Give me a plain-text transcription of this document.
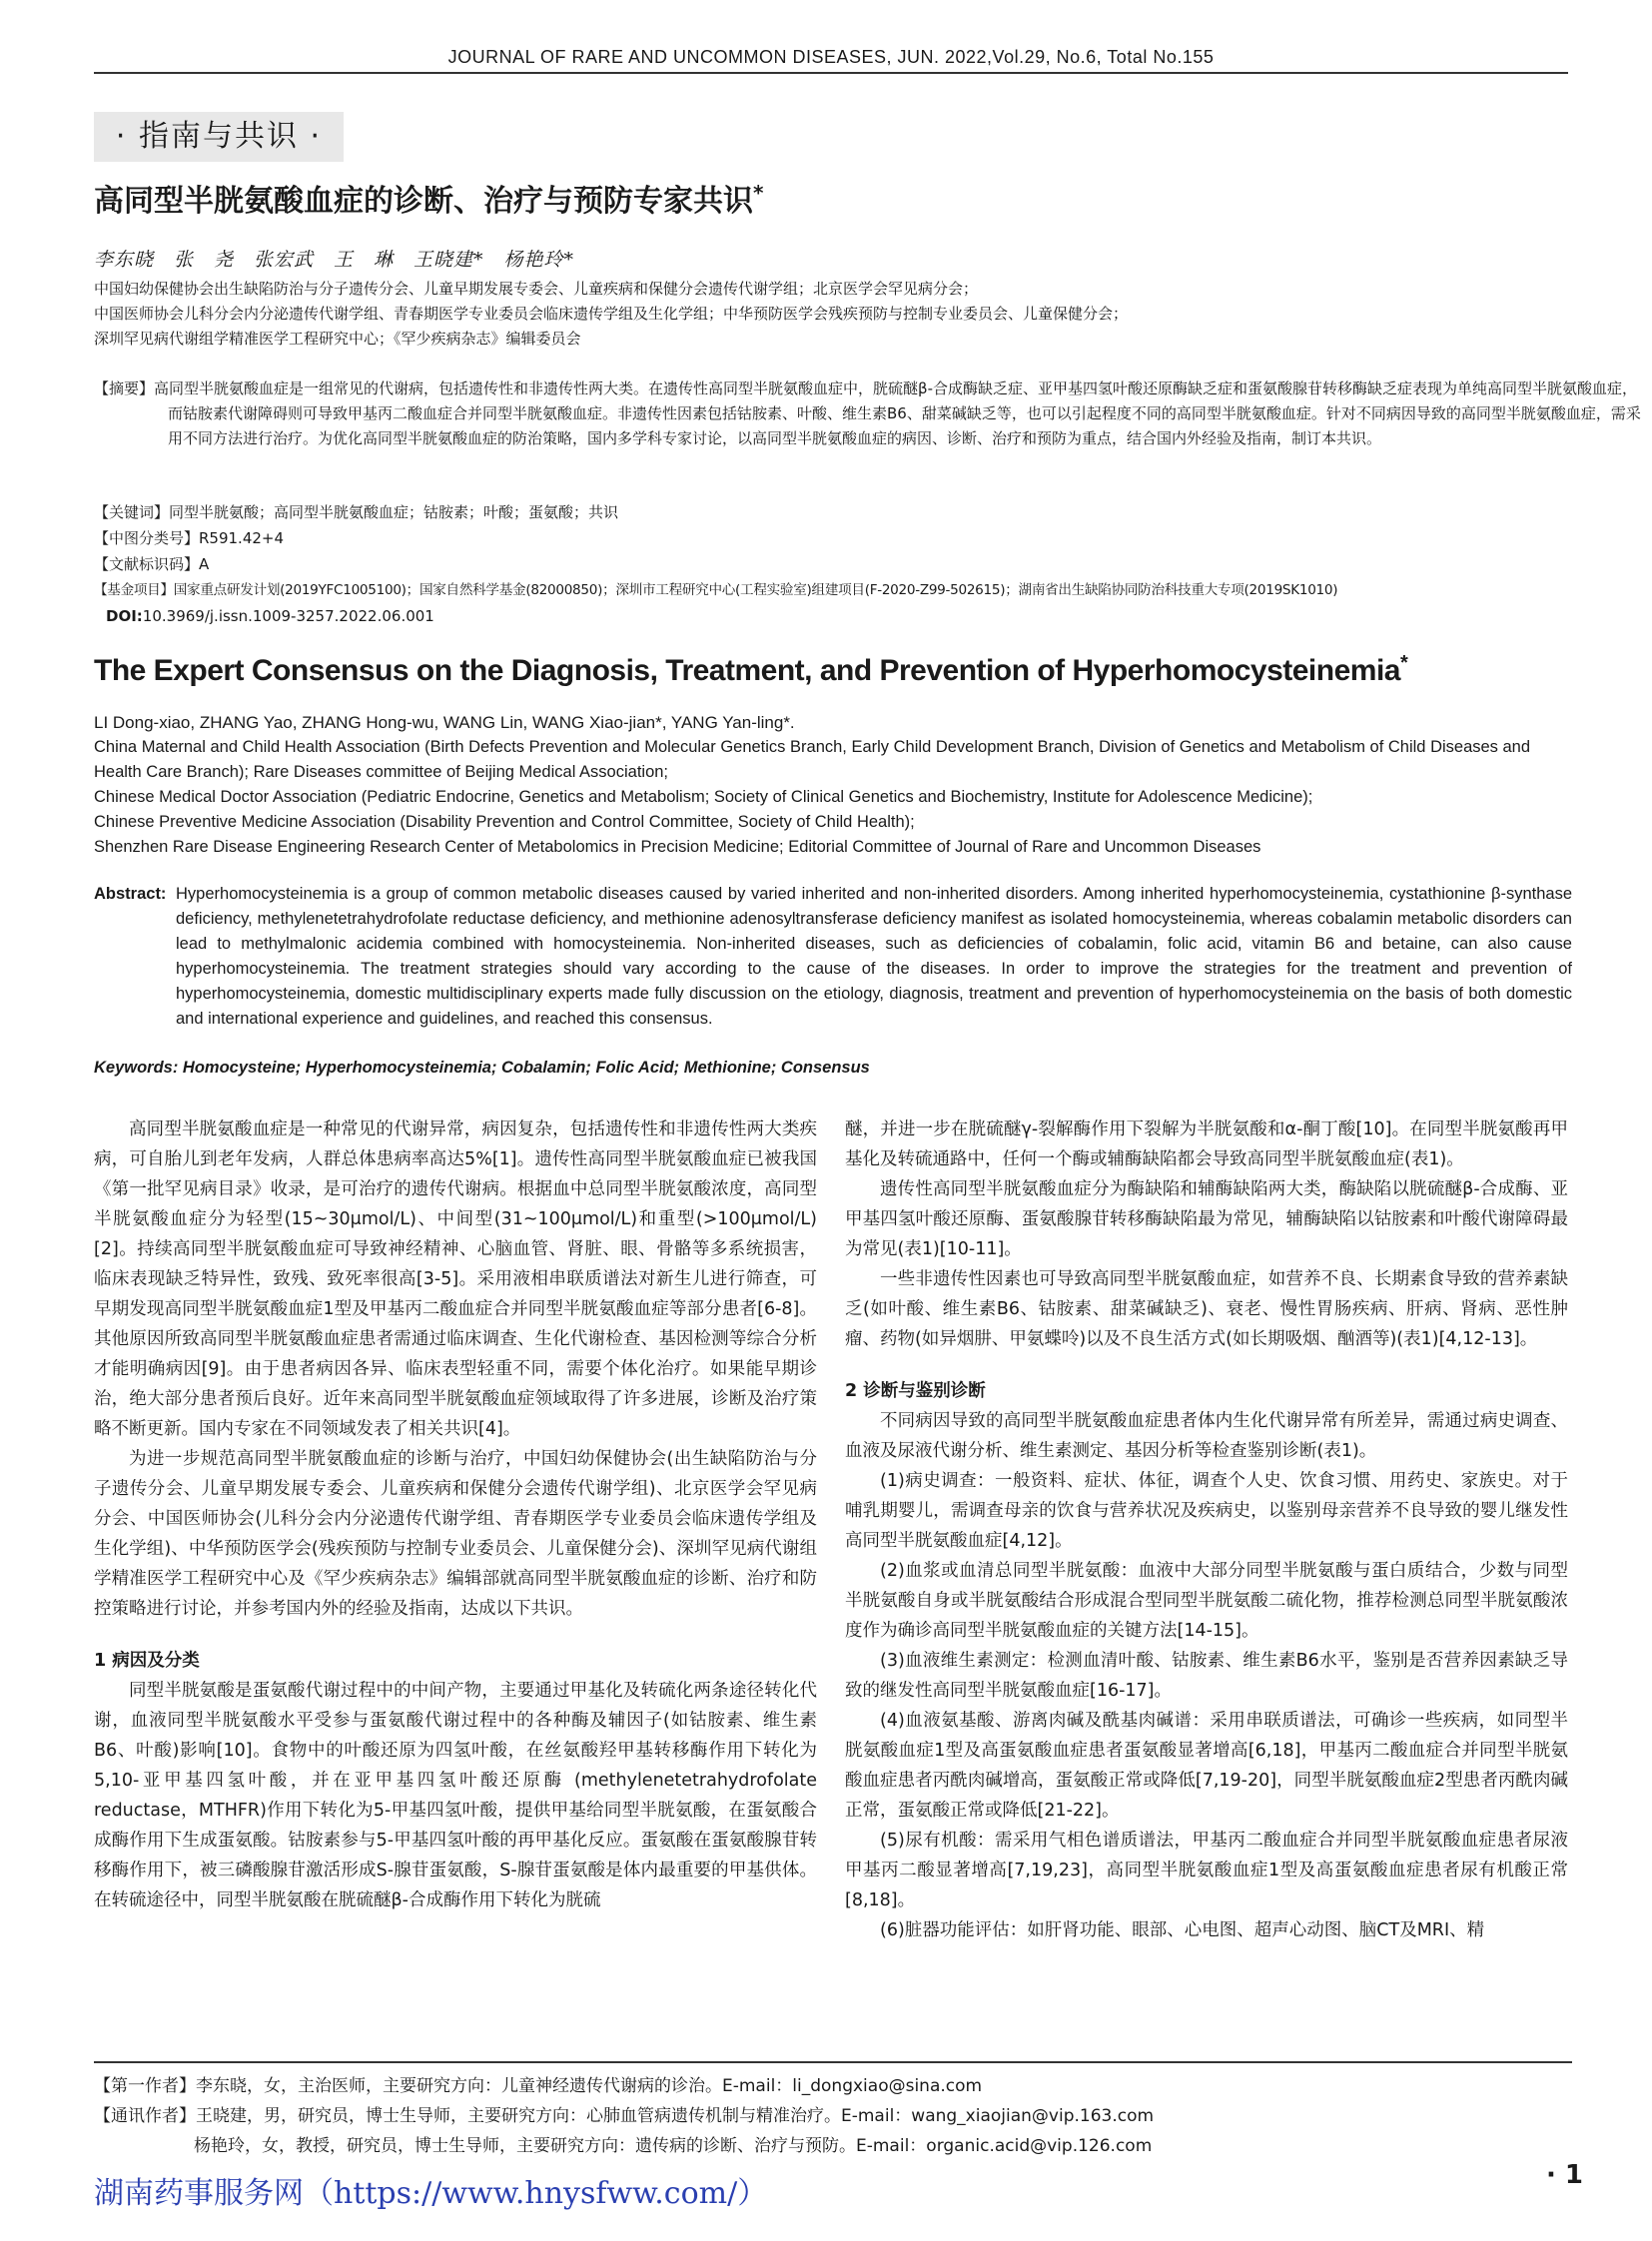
JOURNAL OF RARE AND UNCOMMON DISEASES, JUN. 2022,Vol.29, No.6, Total No.155
· 指南与共识 ·
高同型半胱氨酸血症的诊断、治疗与预防专家共识*
李东晓　张　尧　张宏武　王　琳　王晓建*　杨艳玲*
中国妇幼保健协会出生缺陷防治与分子遗传分会、儿童早期发展专委会、儿童疾病和保健分会遗传代谢学组；北京医学会罕见病分会；
中国医师协会儿科分会内分泌遗传代谢学组、青春期医学专业委员会临床遗传学组及生化学组；中华预防医学会残疾预防与控制专业委员会、儿童保健分会；
深圳罕见病代谢组学精准医学工程研究中心；《罕少疾病杂志》编辑委员会
【摘要】高同型半胱氨酸血症是一组常见的代谢病，包括遗传性和非遗传性两大类。在遗传性高同型半胱氨酸血症中，胱硫醚β-合成酶缺乏症、亚甲基四氢叶酸还原酶缺乏症和蛋氨酸腺苷转移酶缺乏症表现为单纯高同型半胱氨酸血症，而钴胺素代谢障碍则可导致甲基丙二酸血症合并同型半胱氨酸血症。非遗传性因素包括钴胺素、叶酸、维生素B6、甜菜碱缺乏等，也可以引起程度不同的高同型半胱氨酸血症。针对不同病因导致的高同型半胱氨酸血症，需采用不同方法进行治疗。为优化高同型半胱氨酸血症的防治策略，国内多学科专家讨论，以高同型半胱氨酸血症的病因、诊断、治疗和预防为重点，结合国内外经验及指南，制订本共识。
【关键词】同型半胱氨酸；高同型半胱氨酸血症；钴胺素；叶酸；蛋氨酸；共识
【中图分类号】R591.42+4
【文献标识码】A
【基金项目】国家重点研发计划(2019YFC1005100)；国家自然科学基金(82000850)；深圳市工程研究中心(工程实验室)组建项目(F-2020-Z99-502615)；湖南省出生缺陷协同防治科技重大专项(2019SK1010)
DOI:10.3969/j.issn.1009-3257.2022.06.001
The Expert Consensus on the Diagnosis, Treatment, and Prevention of Hyperhomocysteinemia*
LI Dong-xiao, ZHANG Yao, ZHANG Hong-wu, WANG Lin, WANG Xiao-jian*, YANG Yan-ling*.
China Maternal and Child Health Association (Birth Defects Prevention and Molecular Genetics Branch, Early Child Development Branch, Division of Genetics and Metabolism of Child Diseases and Health Care Branch); Rare Diseases committee of Beijing Medical Association;
Chinese Medical Doctor Association (Pediatric Endocrine, Genetics and Metabolism; Society of Clinical Genetics and Biochemistry, Institute for Adolescence Medicine);
Chinese Preventive Medicine Association (Disability Prevention and Control Committee, Society of Child Health);
Shenzhen Rare Disease Engineering Research Center of Metabolomics in Precision Medicine; Editorial Committee of Journal of Rare and Uncommon Diseases
Abstract: Hyperhomocysteinemia is a group of common metabolic diseases caused by varied inherited and non-inherited disorders. Among inherited hyperhomocysteinemia, cystathionine β-synthase deficiency, methylenetetrahydrofolate reductase deficiency, and methionine adenosyltransferase deficiency manifest as isolated homocysteinemia, whereas cobalamin metabolic disorders can lead to methylmalonic acidemia combined with homocysteinemia. Non-inherited diseases, such as deficiencies of cobalamin, folic acid, vitamin B6 and betaine, can also cause hyperhomocysteinemia. The treatment strategies should vary according to the cause of the diseases. In order to improve the strategies for the treatment and prevention of hyperhomocysteinemia, domestic multidisciplinary experts made fully discussion on the etiology, diagnosis, treatment and prevention of hyperhomocysteinemia on the basis of both domestic and international experience and guidelines, and reached this consensus.
Keywords: Homocysteine; Hyperhomocysteinemia; Cobalamin; Folic Acid; Methionine; Consensus

高同型半胱氨酸血症是一种常见的代谢异常，病因复杂，包括遗传性和非遗传性两大类疾病，可自胎儿到老年发病，人群总体患病率高达5%[1]。遗传性高同型半胱氨酸血症已被我国《第一批罕见病目录》收录，是可治疗的遗传代谢病。根据血中总同型半胱氨酸浓度，高同型半胱氨酸血症分为轻型(15~30μmol/L)、中间型(31~100μmol/L)和重型(>100μmol/L)[2]。持续高同型半胱氨酸血症可导致神经精神、心脑血管、肾脏、眼、骨骼等多系统损害，临床表现缺乏特异性，致残、致死率很高[3-5]。采用液相串联质谱法对新生儿进行筛查，可早期发现高同型半胱氨酸血症1型及甲基丙二酸血症合并同型半胱氨酸血症等部分患者[6-8]。其他原因所致高同型半胱氨酸血症患者需通过临床调查、生化代谢检查、基因检测等综合分析才能明确病因[9]。由于患者病因各异、临床表型轻重不同，需要个体化治疗。如果能早期诊治，绝大部分患者预后良好。近年来高同型半胱氨酸血症领域取得了许多进展，诊断及治疗策略不断更新。国内专家在不同领域发表了相关共识[4]。

为进一步规范高同型半胱氨酸血症的诊断与治疗，中国妇幼保健协会(出生缺陷防治与分子遗传分会、儿童早期发展专委会、儿童疾病和保健分会遗传代谢学组)、北京医学会罕见病分会、中国医师协会(儿科分会内分泌遗传代谢学组、青春期医学专业委员会临床遗传学组及生化学组)、中华预防医学会(残疾预防与控制专业委员会、儿童保健分会)、深圳罕见病代谢组学精准医学工程研究中心及《罕少疾病杂志》编辑部就高同型半胱氨酸血症的诊断、治疗和防控策略进行讨论，并参考国内外的经验及指南，达成以下共识。

1 病因及分类

同型半胱氨酸是蛋氨酸代谢过程中的中间产物，主要通过甲基化及转硫化两条途径转化代谢，血液同型半胱氨酸水平受参与蛋氨酸代谢过程中的各种酶及辅因子(如钴胺素、维生素B6、叶酸)影响[10]。食物中的叶酸还原为四氢叶酸，在丝氨酸羟甲基转移酶作用下转化为5,10-亚甲基四氢叶酸，并在亚甲基四氢叶酸还原酶 (methylenetetrahydrofolate reductase，MTHFR)作用下转化为5-甲基四氢叶酸，提供甲基给同型半胱氨酸，在蛋氨酸合成酶作用下生成蛋氨酸。钴胺素参与5-甲基四氢叶酸的再甲基化反应。蛋氨酸在蛋氨酸腺苷转移酶作用下，被三磷酸腺苷激活形成S-腺苷蛋氨酸，S-腺苷蛋氨酸是体内最重要的甲基供体。在转硫途径中，同型半胱氨酸在胱硫醚β-合成酶作用下转化为胱硫

醚，并进一步在胱硫醚γ-裂解酶作用下裂解为半胱氨酸和α-酮丁酸[10]。在同型半胱氨酸再甲基化及转硫通路中，任何一个酶或辅酶缺陷都会导致高同型半胱氨酸血症(表1)。

遗传性高同型半胱氨酸血症分为酶缺陷和辅酶缺陷两大类，酶缺陷以胱硫醚β-合成酶、亚甲基四氢叶酸还原酶、蛋氨酸腺苷转移酶缺陷最为常见，辅酶缺陷以钴胺素和叶酸代谢障碍最为常见(表1)[10-11]。

一些非遗传性因素也可导致高同型半胱氨酸血症，如营养不良、长期素食导致的营养素缺乏(如叶酸、维生素B6、钴胺素、甜菜碱缺乏)、衰老、慢性胃肠疾病、肝病、肾病、恶性肿瘤、药物(如异烟肼、甲氨蝶呤)以及不良生活方式(如长期吸烟、酗酒等)(表1)[4,12-13]。

2 诊断与鉴别诊断

不同病因导致的高同型半胱氨酸血症患者体内生化代谢异常有所差异，需通过病史调查、血液及尿液代谢分析、维生素测定、基因分析等检查鉴别诊断(表1)。

(1)病史调查：一般资料、症状、体征，调查个人史、饮食习惯、用药史、家族史。对于哺乳期婴儿，需调查母亲的饮食与营养状况及疾病史，以鉴别母亲营养不良导致的婴儿继发性高同型半胱氨酸血症[4,12]。

(2)血浆或血清总同型半胱氨酸：血液中大部分同型半胱氨酸与蛋白质结合，少数与同型半胱氨酸自身或半胱氨酸结合形成混合型同型半胱氨酸二硫化物，推荐检测总同型半胱氨酸浓度作为确诊高同型半胱氨酸血症的关键方法[14-15]。

(3)血液维生素测定：检测血清叶酸、钴胺素、维生素B6水平，鉴别是否营养因素缺乏导致的继发性高同型半胱氨酸血症[16-17]。

(4)血液氨基酸、游离肉碱及酰基肉碱谱：采用串联质谱法，可确诊一些疾病，如同型半胱氨酸血症1型及高蛋氨酸血症患者蛋氨酸显著增高[6,18]，甲基丙二酸血症合并同型半胱氨酸血症患者丙酰肉碱增高，蛋氨酸正常或降低[7,19-20]，同型半胱氨酸血症2型患者丙酰肉碱正常，蛋氨酸正常或降低[21-22]。

(5)尿有机酸：需采用气相色谱质谱法，甲基丙二酸血症合并同型半胱氨酸血症患者尿液甲基丙二酸显著增高[7,19,23]，高同型半胱氨酸血症1型及高蛋氨酸血症患者尿有机酸正常[8,18]。

(6)脏器功能评估：如肝肾功能、眼部、心电图、超声心动图、脑CT及MRI、精

【第一作者】李东晓，女，主治医师，主要研究方向：儿童神经遗传代谢病的诊治。E-mail：li_dongxiao@sina.com
【通讯作者】王晓建，男，研究员，博士生导师，主要研究方向：心肺血管病遗传机制与精准治疗。E-mail：wang_xiaojian@vip.163.com
杨艳玲，女，教授，研究员，博士生导师，主要研究方向：遗传病的诊断、治疗与预防。E-mail：organic.acid@vip.126.com
湖南药事服务网（https://www.hnysfww.com/）
· 1
